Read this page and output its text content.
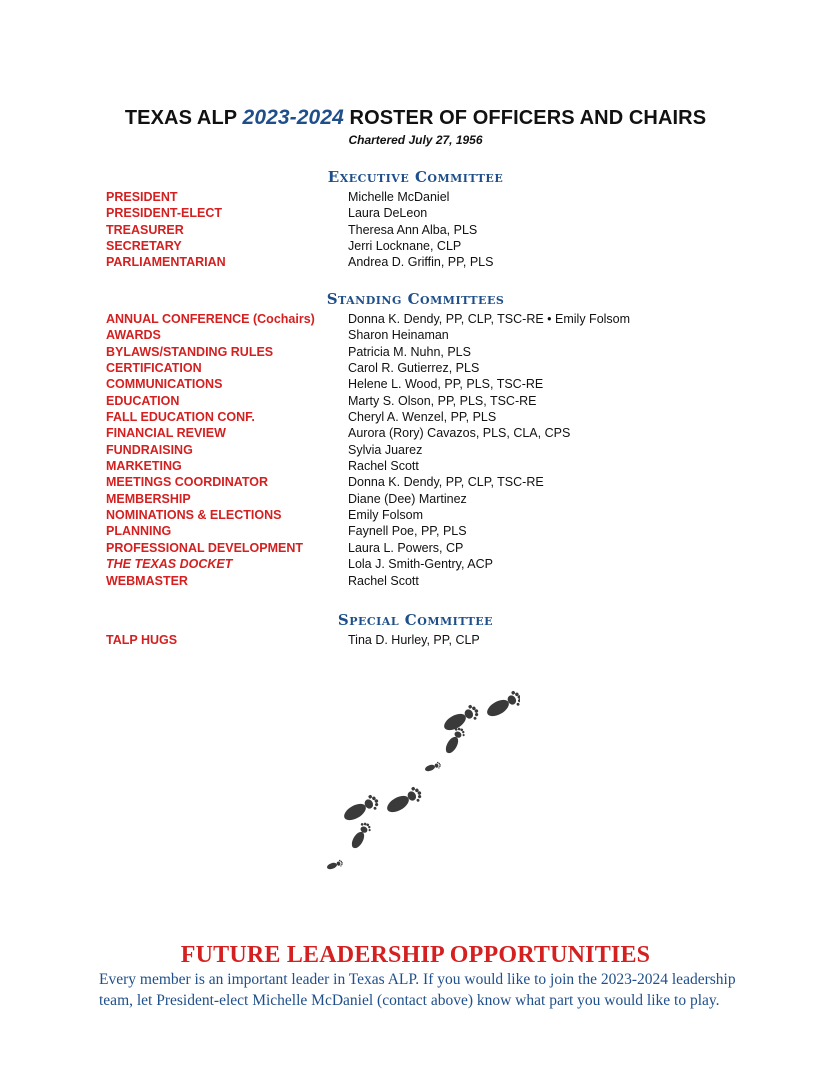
TEXAS ALP 2023-2024 ROSTER OF OFFICERS AND CHAIRS
Chartered July 27, 1956
Executive Committee
PRESIDENT	Michelle McDaniel
PRESIDENT-ELECT	Laura DeLeon
TREASURER	Theresa Ann Alba, PLS
SECRETARY	Jerri Locknane, CLP
PARLIAMENTARIAN	Andrea D. Griffin, PP, PLS
Standing Committees
ANNUAL CONFERENCE (Cochairs)	Donna K. Dendy, PP, CLP, TSC-RE • Emily Folsom
AWARDS	Sharon Heinaman
BYLAWS/STANDING RULES	Patricia M. Nuhn, PLS
CERTIFICATION	Carol R. Gutierrez, PLS
COMMUNICATIONS	Helene L. Wood, PP, PLS, TSC-RE
EDUCATION	Marty S. Olson, PP, PLS, TSC-RE
FALL EDUCATION CONF.	Cheryl A. Wenzel, PP, PLS
FINANCIAL REVIEW	Aurora (Rory) Cavazos, PLS, CLA, CPS
FUNDRAISING	Sylvia Juarez
MARKETING	Rachel Scott
MEETINGS COORDINATOR	Donna K. Dendy, PP, CLP, TSC-RE
MEMBERSHIP	Diane (Dee) Martinez
NOMINATIONS & ELECTIONS	Emily Folsom
PLANNING	Faynell Poe, PP, PLS
PROFESSIONAL DEVELOPMENT	Laura L. Powers, CP
THE TEXAS DOCKET	Lola J. Smith-Gentry, ACP
WEBMASTER	Rachel Scott
Special Committee
TALP HUGS	Tina D. Hurley, PP, CLP
FUTURE LEADERSHIP OPPORTUNITIES
Every member is an important leader in Texas ALP. If you would like to join the 2023-2024 leadership team, let President-elect Michelle McDaniel (contact above) know what part you would like to play.
